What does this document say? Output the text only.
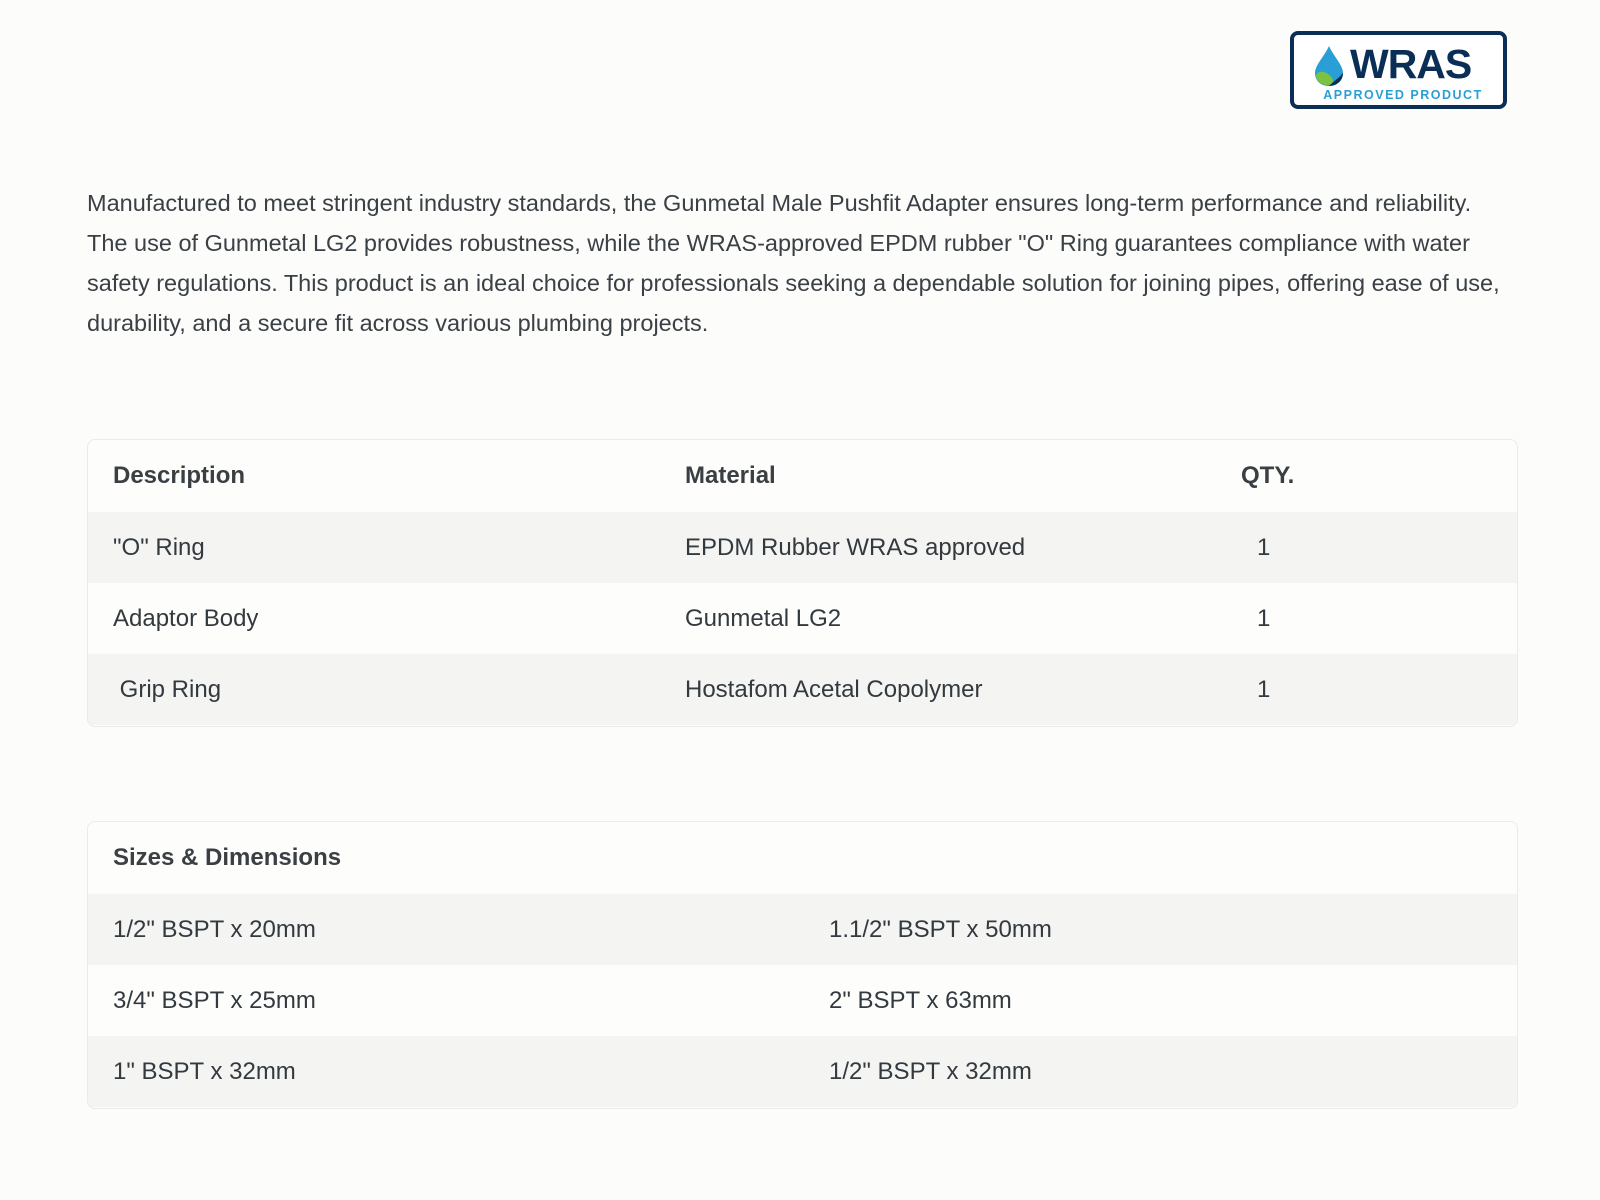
WRAS
APPROVED PRODUCT

Manufactured to meet stringent industry standards, the Gunmetal Male Pushfit Adapter ensures long-term performance and reliability. The use of Gunmetal LG2 provides robustness, while the WRAS-approved EPDM rubber "O" Ring guarantees compliance with water safety regulations. This product is an ideal choice for professionals seeking a dependable solution for joining pipes, offering ease of use, durability, and a secure fit across various plumbing projects.

Description	Material	QTY.
"O" Ring	EPDM Rubber WRAS approved	1
Adaptor Body	Gunmetal LG2	1
Grip Ring	Hostafom Acetal Copolymer	1
Sizes & Dimensions
1/2" BSPT x 20mm	1.1/2" BSPT x 50mm
3/4" BSPT x 25mm	2" BSPT x 63mm
1" BSPT x 32mm	1/2" BSPT x 32mm
